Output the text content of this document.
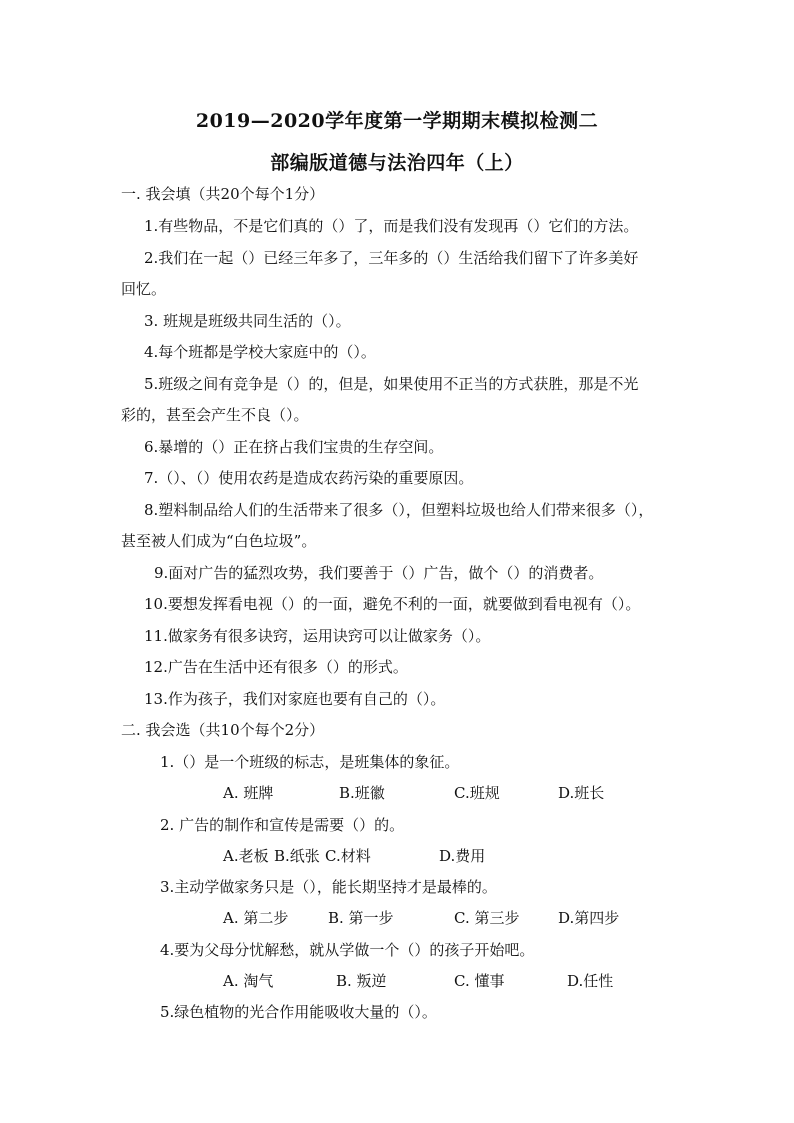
2019—2020学年度第一学期期末模拟检测二
部编版道德与法治四年（上）
一. 我会填（共20个每个1分）
1.有些物品，不是它们真的（）了，而是我们没有发现再（）它们的方法。
2.我们在一起（）已经三年多了，三年多的（）生活给我们留下了许多美好
回忆。
3. 班规是班级共同生活的（）。
4.每个班都是学校大家庭中的（）。
5.班级之间有竞争是（）的，但是，如果使用不正当的方式获胜，那是不光
彩的，甚至会产生不良（）。
6.暴增的（）正在挤占我们宝贵的生存空间。
7.（）、（）使用农药是造成农药污染的重要原因。
8.塑料制品给人们的生活带来了很多（），但塑料垃圾也给人们带来很多（），
甚至被人们成为“白色垃圾”。
9.面对广告的猛烈攻势，我们要善于（）广告，做个（）的消费者。
10.要想发挥看电视（）的一面，避免不利的一面，就要做到看电视有（）。
11.做家务有很多诀窍，运用诀窍可以让做家务（）。
12.广告在生活中还有很多（）的形式。
13.作为孩子，我们对家庭也要有自己的（）。
二. 我会选（共10个每个2分）
1.（）是一个班级的标志，是班集体的象征。
A. 班牌	B.班徽	C.班规	D.班长
2. 广告的制作和宣传是需要（）的。
A.老板 B.纸张 C.材料	D.费用
3.主动学做家务只是（），能长期坚持才是最棒的。
A. 第二步	B. 第一步	C. 第三步	D.第四步
4.要为父母分忧解愁，就从学做一个（）的孩子开始吧。
A. 淘气	B. 叛逆	C. 懂事	D.任性
5.绿色植物的光合作用能吸收大量的（）。
